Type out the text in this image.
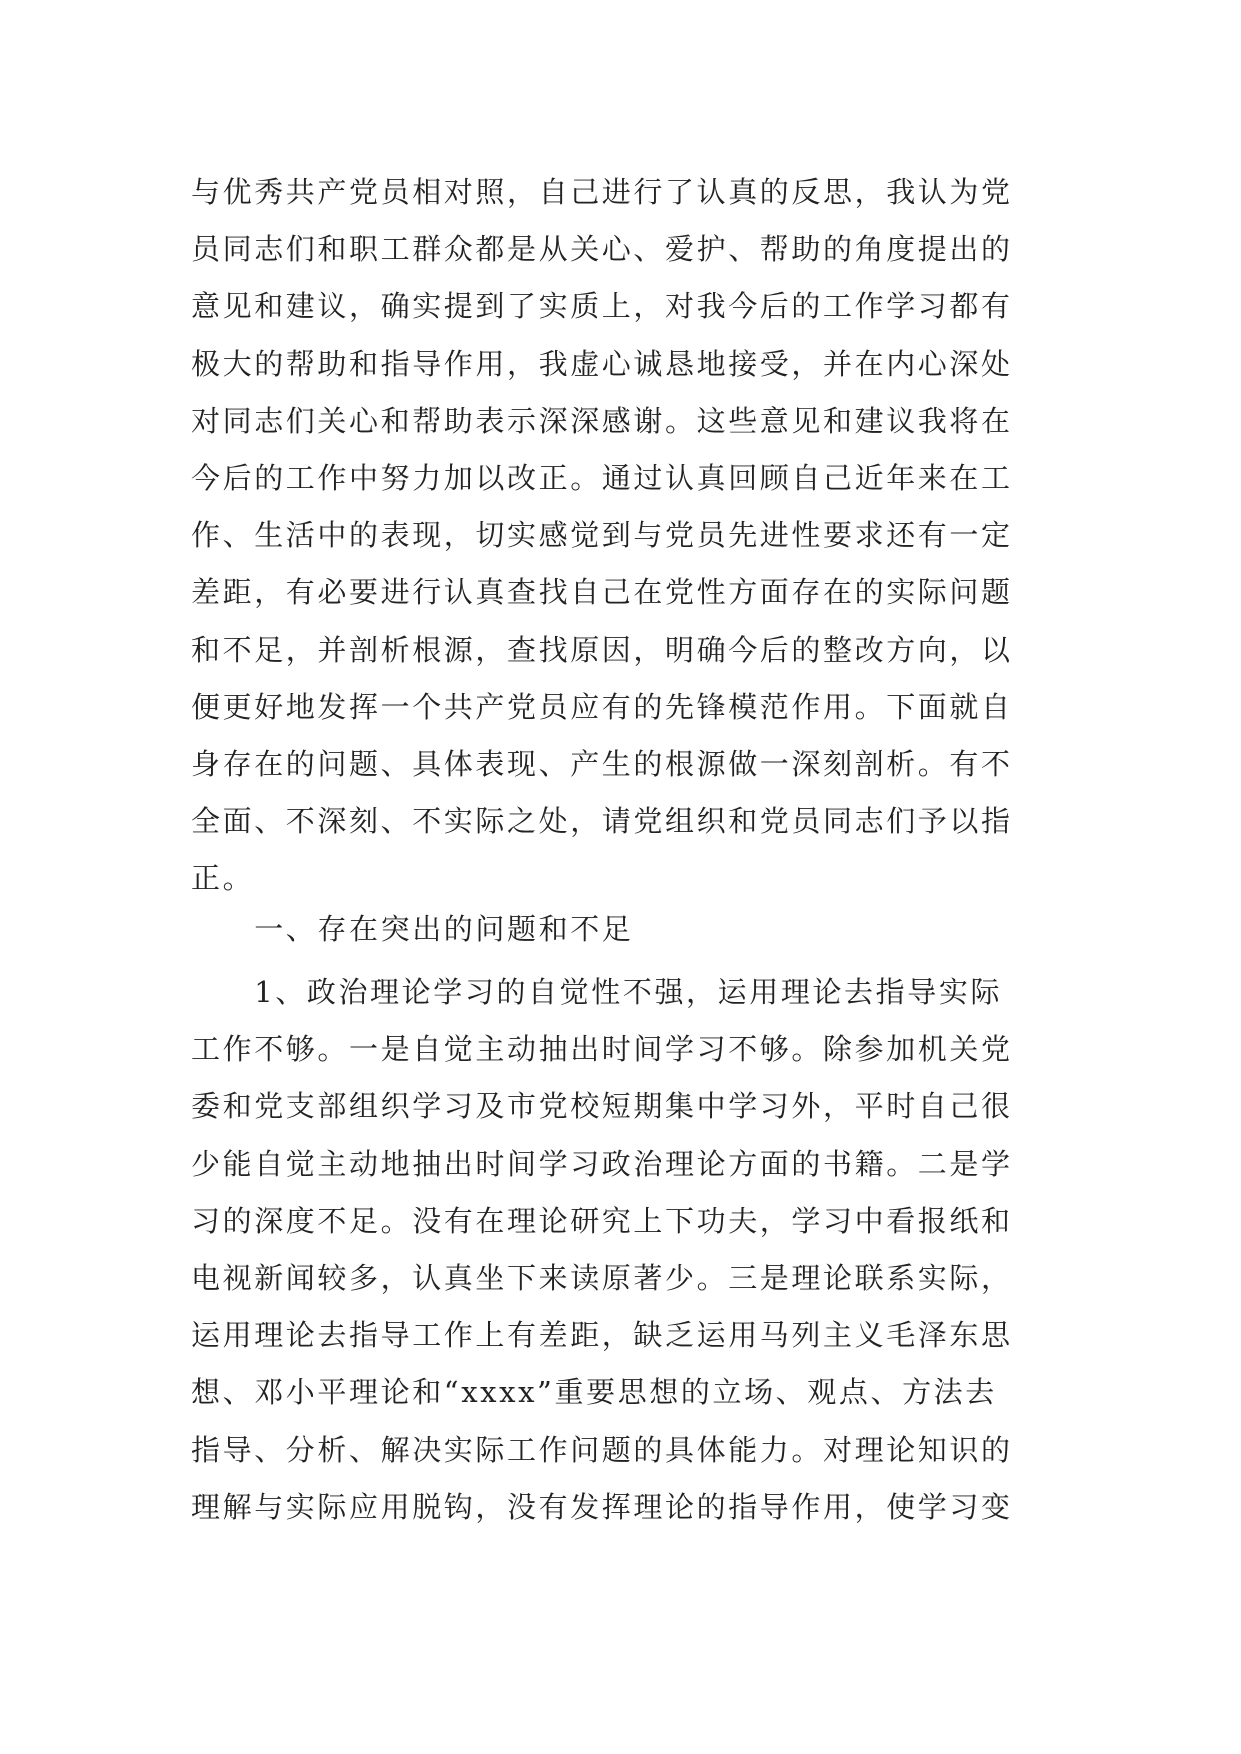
与优秀共产党员相对照，自己进行了认真的反思，我认为党
员同志们和职工群众都是从关心、爱护、帮助的角度提出的
意见和建议，确实提到了实质上，对我今后的工作学习都有
极大的帮助和指导作用，我虚心诚恳地接受，并在内心深处
对同志们关心和帮助表示深深感谢。这些意见和建议我将在
今后的工作中努力加以改正。通过认真回顾自己近年来在工
作、生活中的表现，切实感觉到与党员先进性要求还有一定
差距，有必要进行认真查找自己在党性方面存在的实际问题
和不足，并剖析根源，查找原因，明确今后的整改方向，以
便更好地发挥一个共产党员应有的先锋模范作用。下面就自
身存在的问题、具体表现、产生的根源做一深刻剖析。有不
全面、不深刻、不实际之处，请党组织和党员同志们予以指
正。
　　一、存在突出的问题和不足
　　1、政治理论学习的自觉性不强，运用理论去指导实际
工作不够。一是自觉主动抽出时间学习不够。除参加机关党
委和党支部组织学习及市党校短期集中学习外，平时自己很
少能自觉主动地抽出时间学习政治理论方面的书籍。二是学
习的深度不足。没有在理论研究上下功夫，学习中看报纸和
电视新闻较多，认真坐下来读原著少。三是理论联系实际，
运用理论去指导工作上有差距，缺乏运用马列主义毛泽东思
想、邓小平理论和“xxxx”重要思想的立场、观点、方法去
指导、分析、解决实际工作问题的具体能力。对理论知识的
理解与实际应用脱钩，没有发挥理论的指导作用，使学习变
